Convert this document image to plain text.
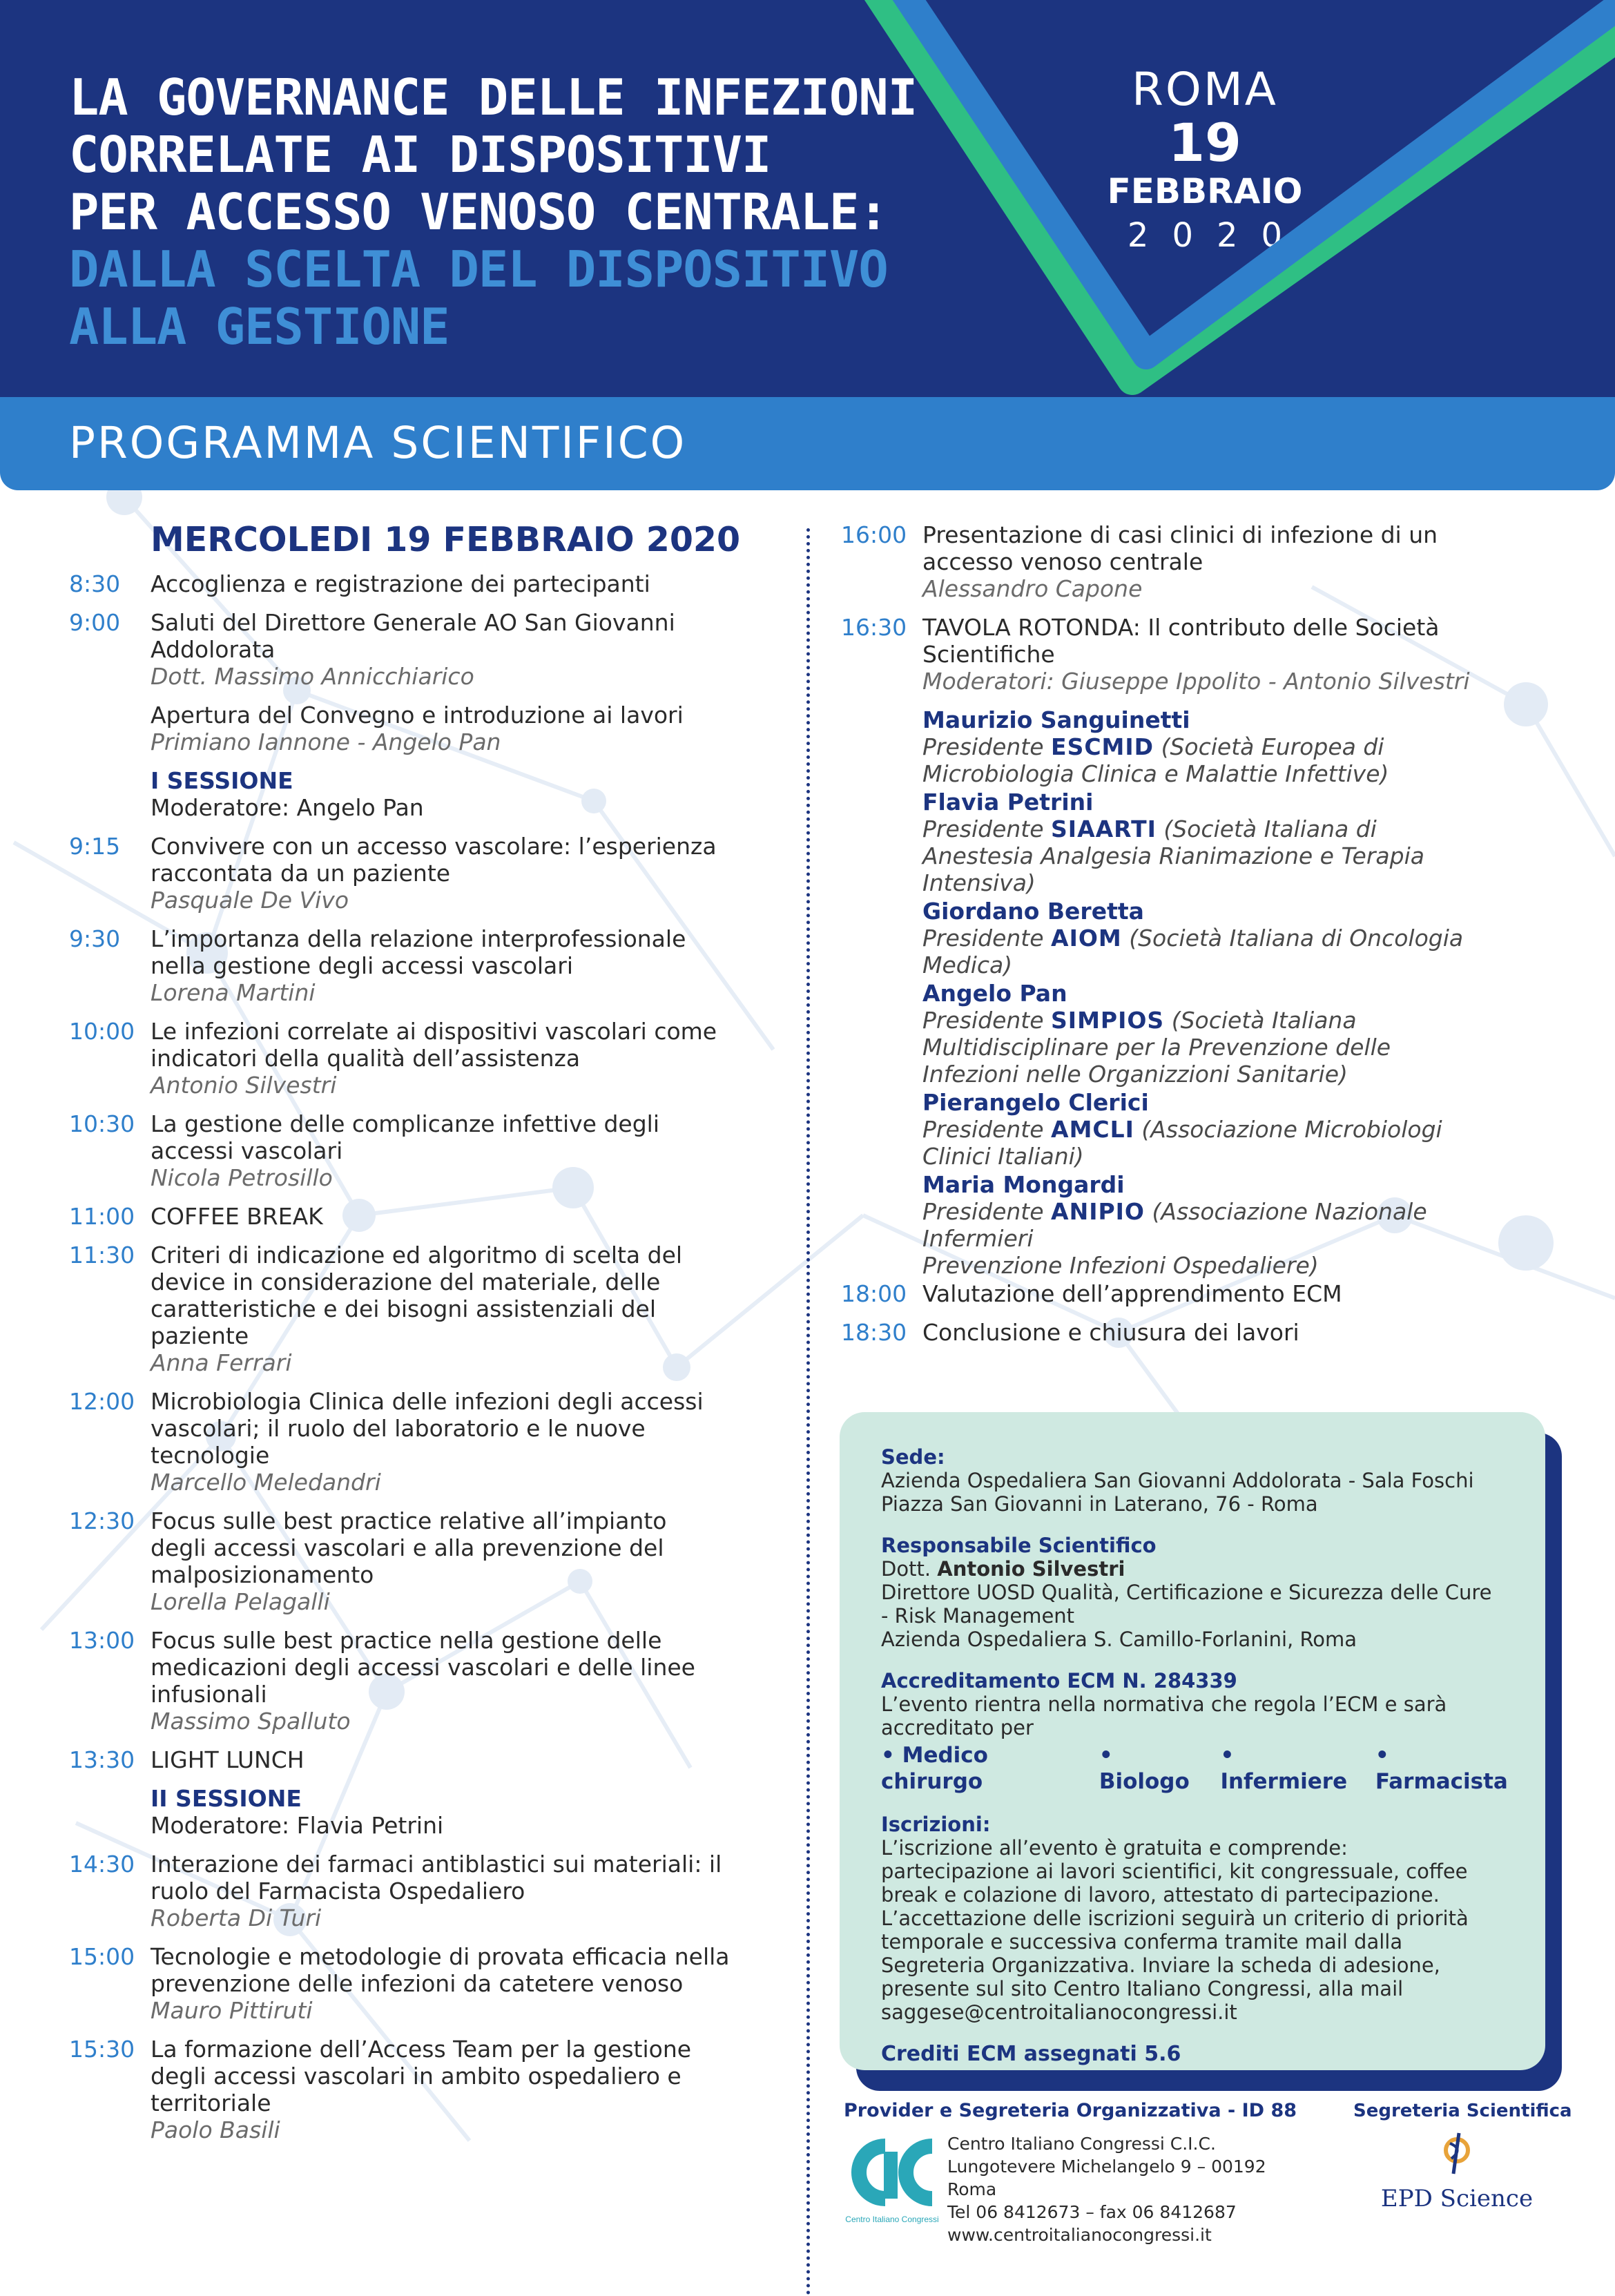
LA GOVERNANCE DELLE INFEZIONI
CORRELATE AI DISPOSITIVI
PER ACCESSO VENOSO CENTRALE:
DALLA SCELTA DEL DISPOSITIVO
ALLA GESTIONE
ROMA
19
FEBBRAIO
2020
PROGRAMMA SCIENTIFICO
MERCOLEDI 19 FEBBRAIO 2020
8:30	Accoglienza e registrazione dei partecipanti
9:00	Saluti del Direttore Generale AO San Giovanni
Addolorata
Dott. Massimo Annicchiarico
Apertura del Convegno e introduzione ai lavori
Primiano Iannone - Angelo Pan
I SESSIONE
Moderatore: Angelo Pan
9:15	Convivere con un accesso vascolare: l’esperienza
raccontata da un paziente
Pasquale De Vivo
9:30	L’importanza della relazione interprofessionale
nella gestione degli accessi vascolari
Lorena Martini
10:00 Le infezioni correlate ai dispositivi vascolari come
indicatori della qualità dell’assistenza
Antonio Silvestri
10:30 La gestione delle complicanze infettive degli
accessi vascolari
Nicola Petrosillo
11:00 COFFEE BREAK
11:30 Criteri di indicazione ed algoritmo di scelta del
device in considerazione del materiale, delle
caratteristiche e dei bisogni assistenziali del
paziente
Anna Ferrari
12:00 Microbiologia Clinica delle infezioni degli accessi
vascolari; il ruolo del laboratorio e le nuove
tecnologie
Marcello Meledandri
12:30 Focus sulle best practice relative all’impianto
degli accessi vascolari e alla prevenzione del
malposizionamento
Lorella Pelagalli
13:00 Focus sulle best practice nella gestione delle
medicazioni degli accessi vascolari e delle linee
infusionali
Massimo Spalluto
13:30 LIGHT LUNCH
II SESSIONE
Moderatore: Flavia Petrini
14:30 Interazione dei farmaci antiblastici sui materiali: il
ruolo del Farmacista Ospedaliero
Roberta Di Turi
15:00 Tecnologie e metodologie di provata efficacia nella
prevenzione delle infezioni da catetere venoso
Mauro Pittiruti
15:30 La formazione dell’Access Team per la gestione
degli accessi vascolari in ambito ospedaliero e
territoriale
Paolo Basili
16:00 Presentazione di casi clinici di infezione di un
accesso venoso centrale
Alessandro Capone
16:30 TAVOLA ROTONDA: Il contributo delle Società
Scientifiche
Moderatori: Giuseppe Ippolito - Antonio Silvestri
Maurizio Sanguinetti
Presidente ESCMID (Società Europea di
Microbiologia Clinica e Malattie Infettive)
Flavia Petrini
Presidente SIAARTI (Società Italiana di
Anestesia Analgesia Rianimazione e Terapia
Intensiva)
Giordano Beretta
Presidente AIOM (Società Italiana di Oncologia
Medica)
Angelo Pan
Presidente SIMPIOS (Società Italiana
Multidisciplinare per la Prevenzione delle
Infezioni nelle Organizzioni Sanitarie)
Pierangelo Clerici
Presidente AMCLI (Associazione Microbiologi
Clinici Italiani)
Maria Mongardi
Presidente ANIPIO (Associazione Nazionale
Infermieri
Prevenzione Infezioni Ospedaliere)
18:00 Valutazione dell’apprendimento ECM
18:30 Conclusione e chiusura dei lavori
Sede:
Azienda Ospedaliera San Giovanni Addolorata - Sala Foschi
Piazza San Giovanni in Laterano, 76 - Roma
Responsabile Scientifico
Dott. Antonio Silvestri
Direttore UOSD Qualità, Certificazione e Sicurezza delle Cure
- Risk Management
Azienda Ospedaliera S. Camillo-Forlanini, Roma
Accreditamento ECM N. 284339
L’evento rientra nella normativa che regola l’ECM e sarà
accreditato per
• Medico chirurgo
• Biologo
• Infermiere
• Farmacista
Iscrizioni:
L’iscrizione all’evento è gratuita e comprende:
partecipazione ai lavori scientifici, kit congressuale, coffee
break e colazione di lavoro, attestato di partecipazione.
L’accettazione delle iscrizioni seguirà un criterio di priorità
temporale e successiva conferma tramite mail dalla
Segreteria Organizzativa. Inviare la scheda di adesione,
presente sul sito Centro Italiano Congressi, alla mail
saggese@centroitalianocongressi.it
Crediti ECM assegnati 5.6
Provider e Segreteria Organizzativa - ID 88
Centro Italiano Congressi
Centro Italiano Congressi C.I.C.
Lungotevere Michelangelo 9 – 00192 Roma
Tel 06 8412673 – fax 06 8412687
www.centroitalianocongressi.it
Segreteria Scientifica
EPD Science
